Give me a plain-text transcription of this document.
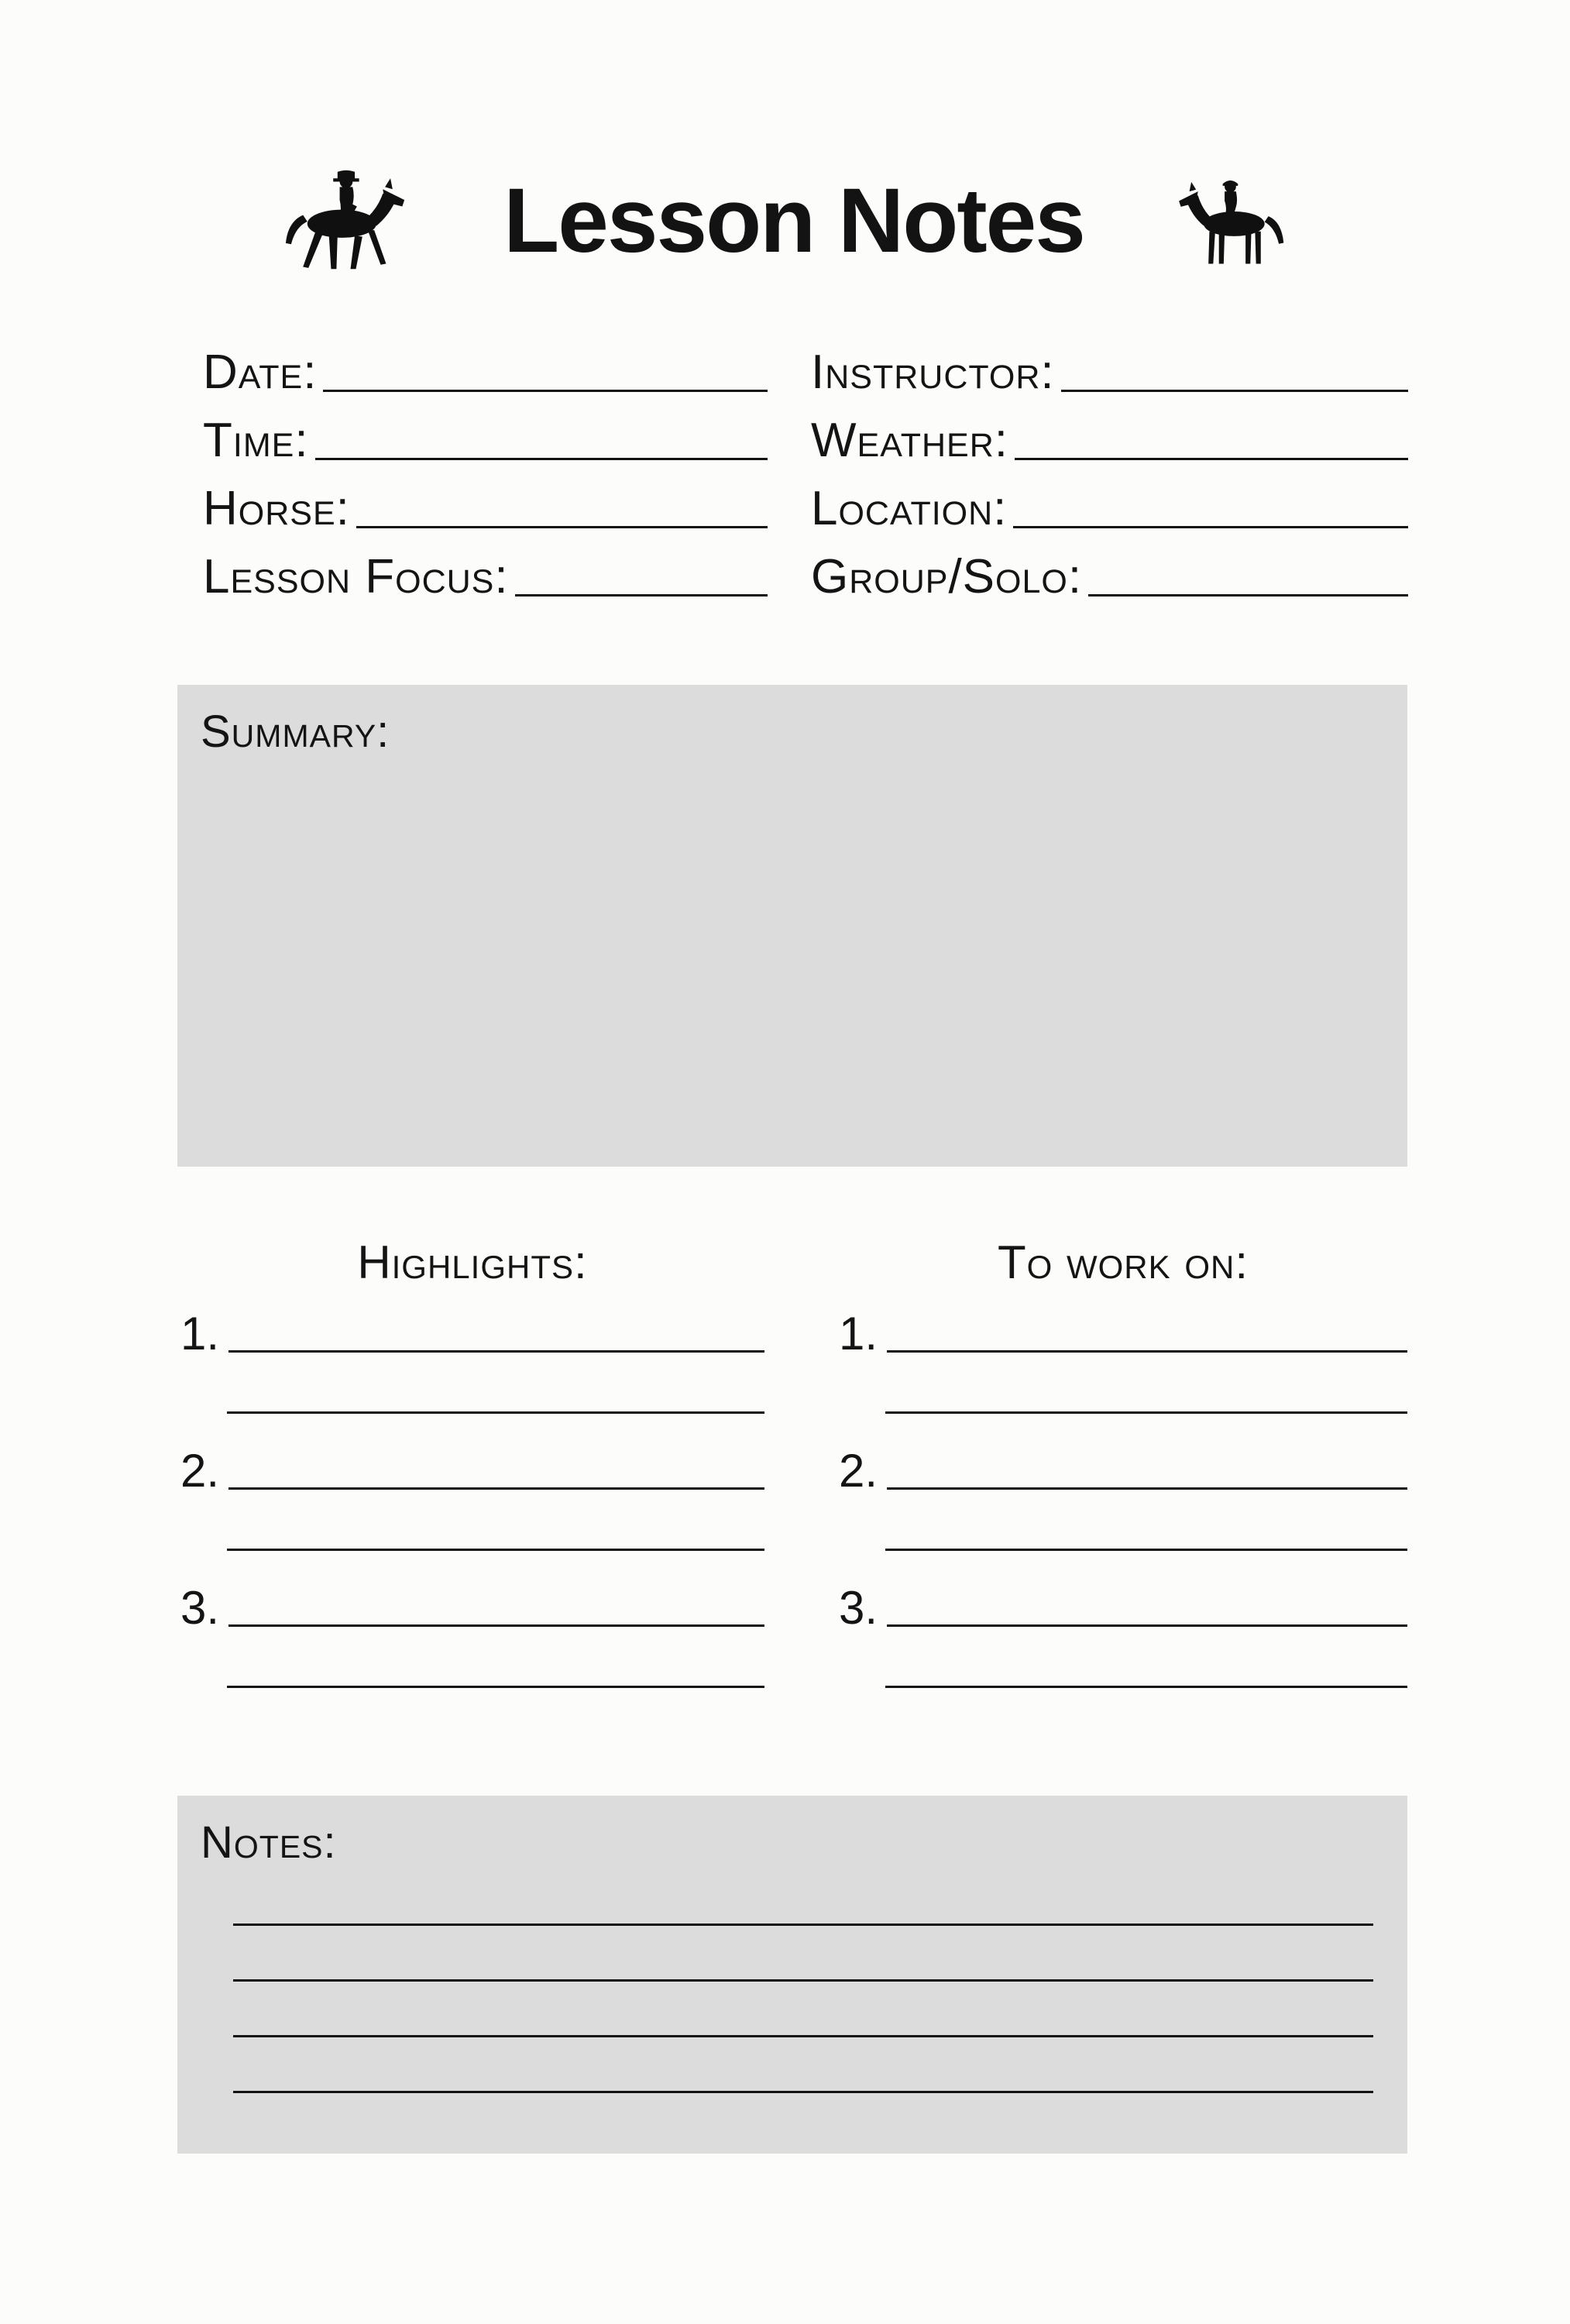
Lesson Notes
Date:	Instructor:
Time:	Weather:
Horse:	Location:
Lesson Focus:	Group/Solo:
Summary:
Highlights:
1.
2.
3.
To work on:
1.
2.
3.
Notes:
